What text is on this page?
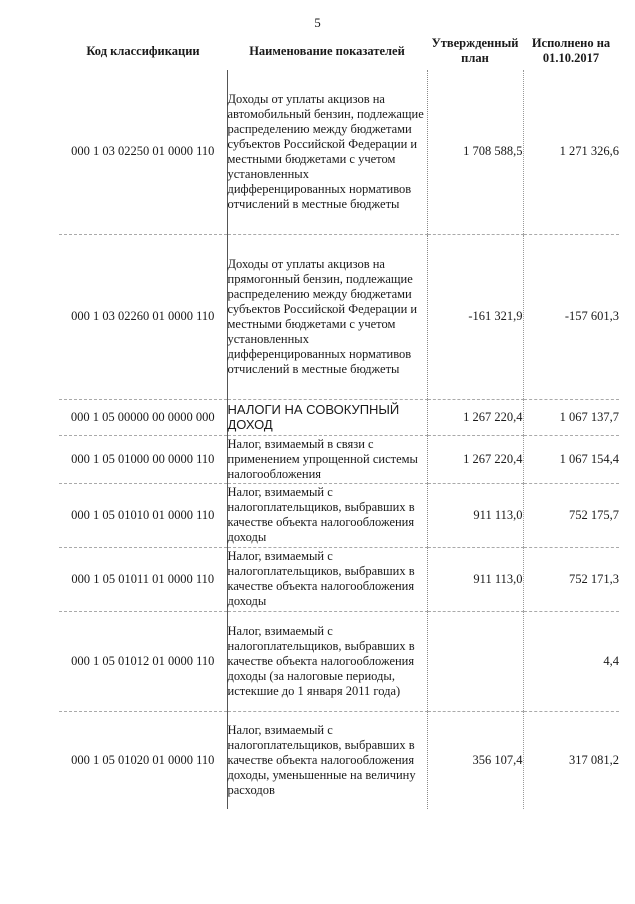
5
Код классификации	Наименование показателей	Утвержденный план	Исполнено на 01.10.2017
000 1 03 02250 01 0000 110	Доходы от уплаты акцизов на автомобильный бензин, подлежащие распределению между бюджетами субъектов Российской Федерации и местными бюджетами с учетом установленных дифференцированных нормативов отчислений в местные бюджеты	1 708 588,5	1 271 326,6
000 1 03 02260 01 0000 110	Доходы от уплаты акцизов на прямогонный бензин, подлежащие распределению между бюджетами субъектов Российской Федерации и местными бюджетами с учетом установленных дифференцированных нормативов отчислений в местные бюджеты	-161 321,9	-157 601,3
000 1 05 00000 00 0000 000	НАЛОГИ НА СОВОКУПНЫЙ ДОХОД	1 267 220,4	1 067 137,7
000 1 05 01000 00 0000 110	Налог, взимаемый в связи с применением упрощенной системы налогообложения	1 267 220,4	1 067 154,4
000 1 05 01010 01 0000 110	Налог, взимаемый с налогоплательщиков, выбравших в качестве объекта налогообложения доходы	911 113,0	752 175,7
000 1 05 01011 01 0000 110	Налог, взимаемый с налогоплательщиков, выбравших в качестве объекта налогообложения доходы	911 113,0	752 171,3
000 1 05 01012 01 0000 110	Налог, взимаемый с налогоплательщиков, выбравших в качестве объекта налогообложения доходы (за налоговые периоды, истекшие до 1 января 2011 года)		4,4
000 1 05 01020 01 0000 110	Налог, взимаемый с налогоплательщиков, выбравших в качестве объекта налогообложения доходы, уменьшенные на величину расходов	356 107,4	317 081,2
